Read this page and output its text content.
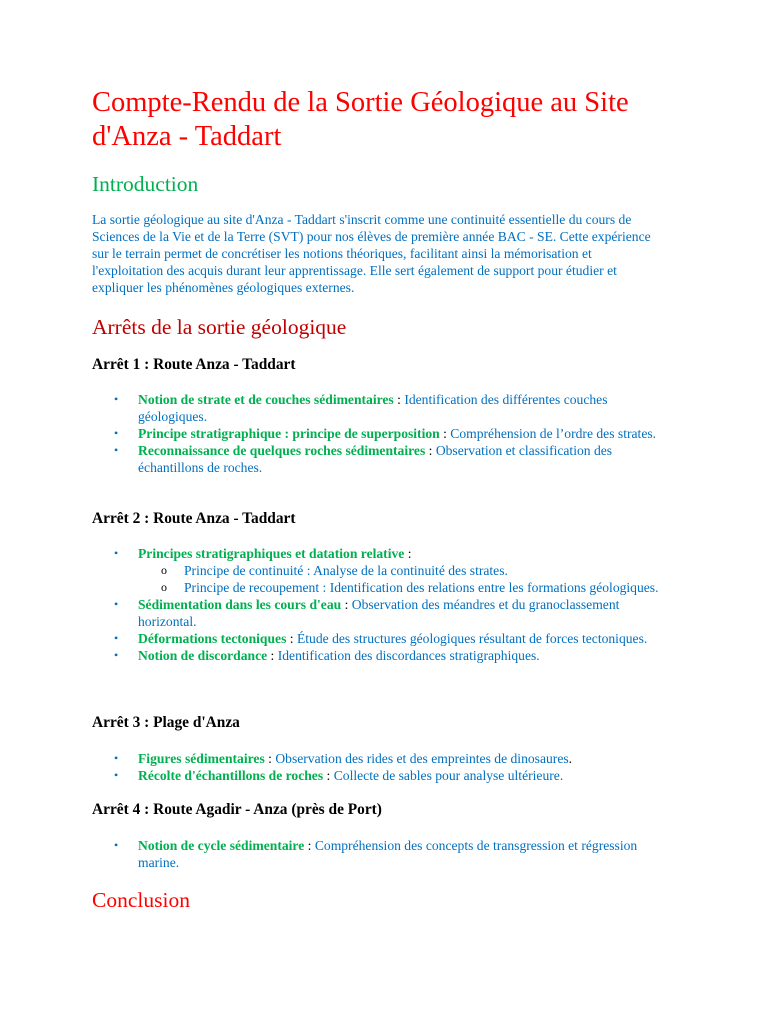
Compte-Rendu de la Sortie Géologique au Site d'Anza - Taddart
Introduction

La sortie géologique au site d'Anza - Taddart s'inscrit comme une continuité essentielle du cours de Sciences de la Vie et de la Terre (SVT) pour nos élèves de première année BAC - SE. Cette expérience sur le terrain permet de concrétiser les notions théoriques, facilitant ainsi la mémorisation et l'exploitation des acquis durant leur apprentissage. Elle sert également de support pour étudier et expliquer les phénomènes géologiques externes.

Arrêts de la sortie géologique
Arrêt 1 : Route Anza - Taddart
• Notion de strate et de couches sédimentaires : Identification des différentes couches géologiques.
• Principe stratigraphique : principe de superposition : Compréhension de l’ordre des strates.
• Reconnaissance de quelques roches sédimentaires : Observation et classification des échantillons de roches.
Arrêt 2 : Route Anza - Taddart
• Principes stratigraphiques et datation relative :
o Principe de continuité : Analyse de la continuité des strates.
o Principe de recoupement : Identification des relations entre les formations géologiques.
• Sédimentation dans les cours d'eau : Observation des méandres et du granoclassement horizontal.
• Déformations tectoniques : Étude des structures géologiques résultant de forces tectoniques.
• Notion de discordance : Identification des discordances stratigraphiques.
Arrêt 3 : Plage d'Anza
• Figures sédimentaires : Observation des rides et des empreintes de dinosaures.
• Récolte d'échantillons de roches : Collecte de sables pour analyse ultérieure.
Arrêt 4 : Route Agadir - Anza (près de Port)
• Notion de cycle sédimentaire : Compréhension des concepts de transgression et régression marine.
Conclusion
